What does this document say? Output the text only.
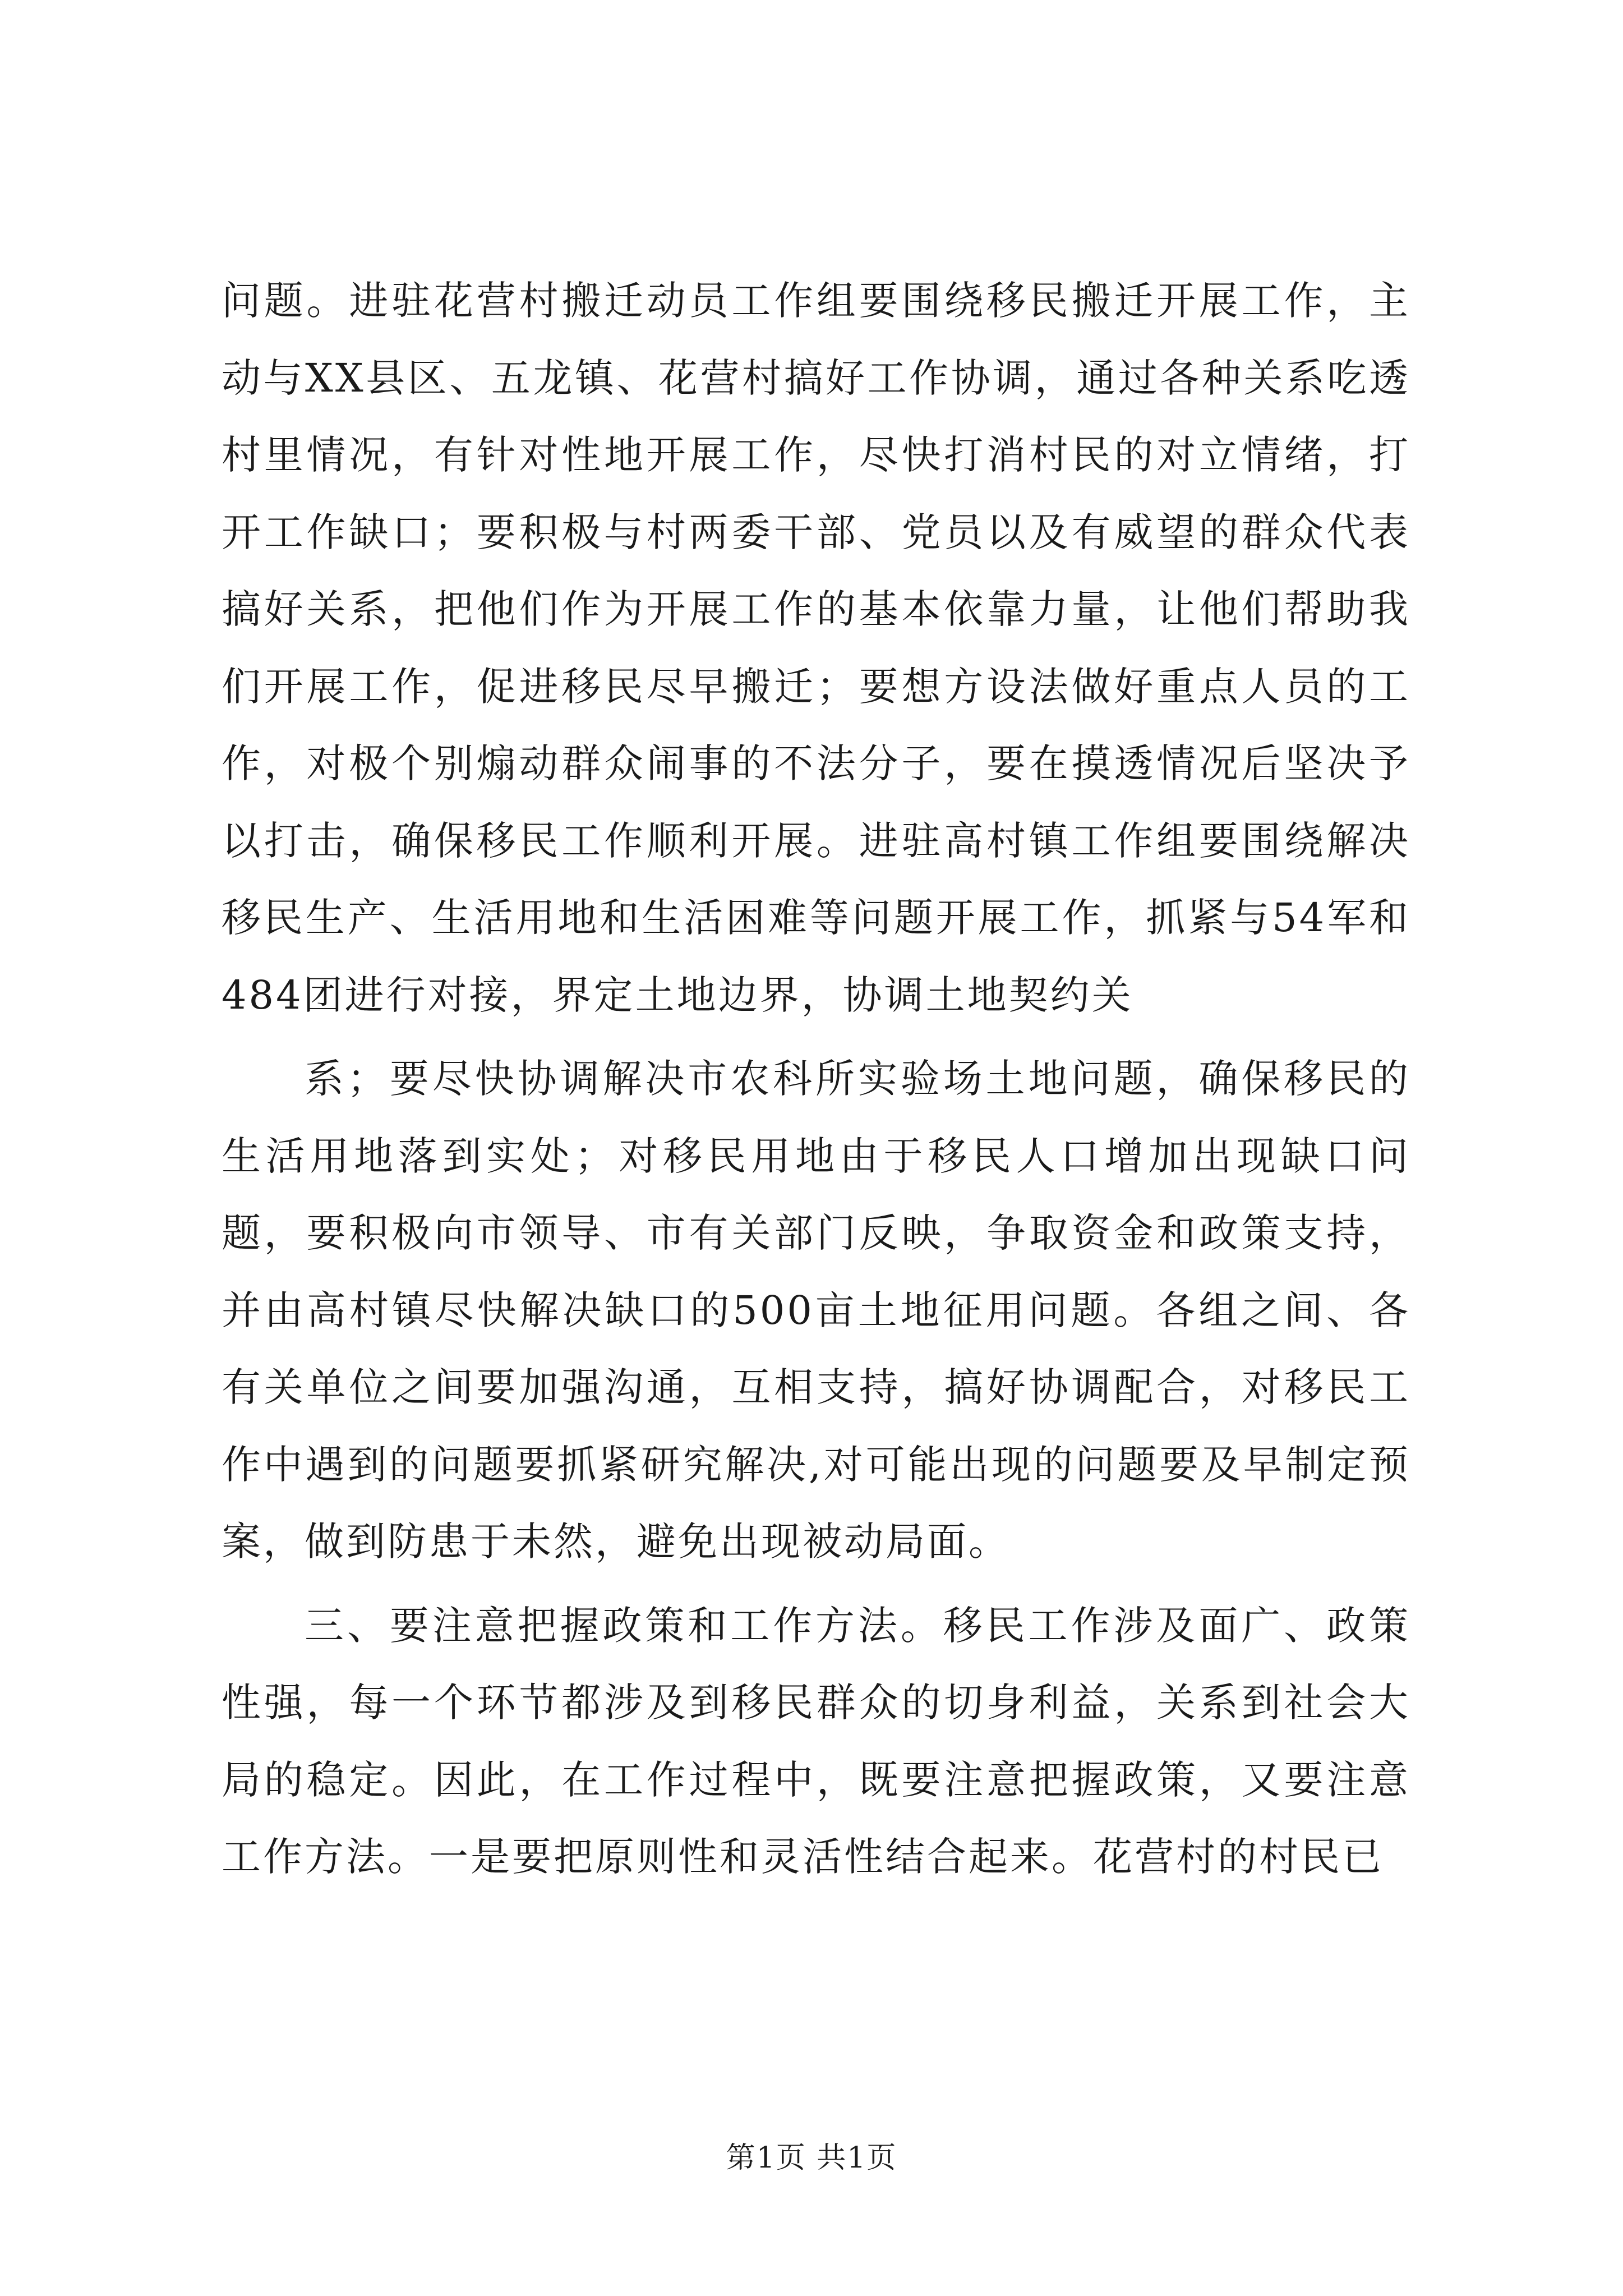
问题。进驻花营村搬迁动员工作组要围绕移民搬迁开展工作，主动与XX县区、五龙镇、花营村搞好工作协调，通过各种关系吃透村里情况，有针对性地开展工作，尽快打消村民的对立情绪，打开工作缺口；要积极与村两委干部、党员以及有威望的群众代表搞好关系，把他们作为开展工作的基本依靠力量，让他们帮助我们开展工作，促进移民尽早搬迁；要想方设法做好重点人员的工作，对极个别煽动群众闹事的不法分子，要在摸透情况后坚决予以打击，确保移民工作顺利开展。进驻高村镇工作组要围绕解决移民生产、生活用地和生活困难等问题开展工作，抓紧与54军和484团进行对接，界定土地边界，协调土地契约关

系；要尽快协调解决市农科所实验场土地问题，确保移民的生活用地落到实处；对移民用地由于移民人口增加出现缺口问题，要积极向市领导、市有关部门反映，争取资金和政策支持，并由高村镇尽快解决缺口的500亩土地征用问题。各组之间、各有关单位之间要加强沟通，互相支持，搞好协调配合，对移民工作中遇到的问题要抓紧研究解决,对可能出现的问题要及早制定预案，做到防患于未然，避免出现被动局面。

三、要注意把握政策和工作方法。移民工作涉及面广、政策性强，每一个环节都涉及到移民群众的切身利益，关系到社会大局的稳定。因此，在工作过程中，既要注意把握政策，又要注意工作方法。一是要把原则性和灵活性结合起来。花营村的村民已

第1页 共1页
